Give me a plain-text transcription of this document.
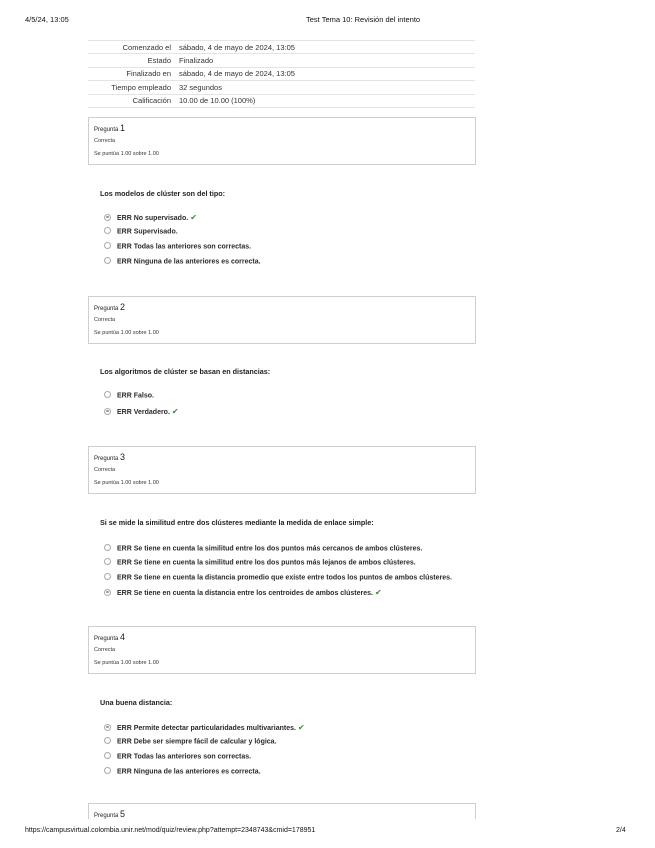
4/5/24, 13:05	Test Tema 10: Revisión del intento
Comenzado el	sábado, 4 de mayo de 2024, 13:05
Estado	Finalizado
Finalizado en	sábado, 4 de mayo de 2024, 13:05
Tiempo empleado	32 segundos
Calificación	10.00 de 10.00 (100%)
Pregunta 1
Correcta
Se puntúa 1.00 sobre 1.00
Los modelos de clúster son del tipo:
ERR No supervisado. ✔
ERR Supervisado.
ERR Todas las anteriores son correctas.
ERR Ninguna de las anteriores es correcta.
Pregunta 2
Correcta
Se puntúa 1.00 sobre 1.00
Los algoritmos de clúster se basan en distancias:
ERR Falso.
ERR Verdadero. ✔
Pregunta 3
Correcta
Se puntúa 1.00 sobre 1.00
Si se mide la similitud entre dos clústeres mediante la medida de enlace simple:
ERR Se tiene en cuenta la similitud entre los dos puntos más cercanos de ambos clústeres.
ERR Se tiene en cuenta la similitud entre los dos puntos más lejanos de ambos clústeres.
ERR Se tiene en cuenta la distancia promedio que existe entre todos los puntos de ambos clústeres.
ERR Se tiene en cuenta la distancia entre los centroides de ambos clústeres. ✔
Pregunta 4
Correcta
Se puntúa 1.00 sobre 1.00
Una buena distancia:
ERR Permite detectar particularidades multivariantes. ✔
ERR Debe ser siempre fácil de calcular y lógica.
ERR Todas las anteriores son correctas.
ERR Ninguna de las anteriores es correcta.
Pregunta 5
https://campusvirtual.colombia.unir.net/mod/quiz/review.php?attempt=2348743&cmid=178951	2/4
